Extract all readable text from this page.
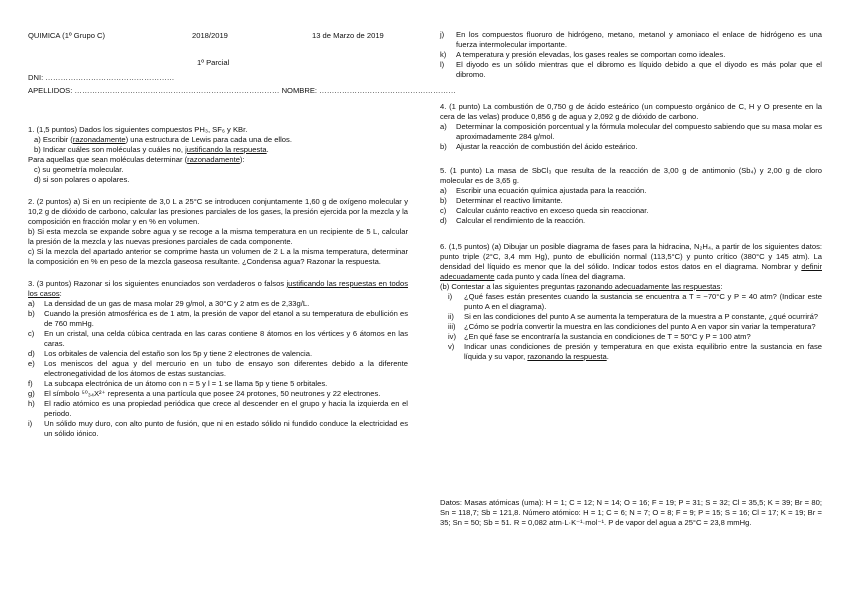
QUIMICA (1º Grupo C)	2018/2019	13 de Marzo de 2019
1º Parcial
DNI: ……………………………………………
APELLIDOS: ……………………………………………………………………… NOMBRE: ………………………………………………

1. (1,5 puntos) Dados los siguientes compuestos PH₃, SF₆ y KBr.

a) Escribir (razonadamente) una estructura de Lewis para cada una de ellos.

b) Indicar cuáles son moléculas y cuáles no, justificando la respuesta.

Para aquellas que sean moléculas determinar (razonadamente):

c) su geometría molecular.

d) si son polares o apolares.

2. (2 puntos) a) Si en un recipiente de 3,0 L a 25°C se introducen conjuntamente 1,60 g de oxígeno molecular y 10,2 g de dióxido de carbono, calcular las presiones parciales de los gases, la presión ejercida por la mezcla y la composición en fracción molar y en % en volumen.

b) Si esta mezcla se expande sobre agua y se recoge a la misma temperatura en un recipiente de 5 L, calcular la presión de la mezcla y las nuevas presiones parciales de cada componente.

c) Si la mezcla del apartado anterior se comprime hasta un volumen de 2 L a la misma temperatura, determinar la composición en % en peso de la mezcla gaseosa resultante. ¿Condensa agua? Razonar la respuesta.

3. (3 puntos) Razonar si los siguientes enunciados son verdaderos o falsos justificando las respuestas en todos los casos:

a) La densidad de un gas de masa molar 29 g/mol, a 30°C y 2 atm es de 2,33g/L.
b) Cuando la presión atmosférica es de 1 atm, la presión de vapor del etanol a su temperatura de ebullición es de 760 mmHg.
c) En un cristal, una celda cúbica centrada en las caras contiene 8 átomos en los vértices y 6 átomos en las caras.
d) Los orbitales de valencia del estaño son los 5p y tiene 2 electrones de valencia.
e) Los meniscos del agua y del mercurio en un tubo de ensayo son diferentes debido a la diferente electronegatividad de los átomos de estas sustancias.
f) La subcapa electrónica de un átomo con n = 5 y l = 1 se llama 5p y tiene 5 orbitales.
g) El símbolo ⁵⁰₃₄X²⁺ representa a una partícula que posee 24 protones, 50 neutrones y 22 electrones.
h) El radio atómico es una propiedad periódica que crece al descender en el grupo y hacia la izquierda en el periodo.
i) Un sólido muy duro, con alto punto de fusión, que ni en estado sólido ni fundido conduce la electricidad es un sólido iónico.
j) En los compuestos fluoruro de hidrógeno, metano, metanol y amoniaco el enlace de hidrógeno es una fuerza intermolecular importante.
k) A temperatura y presión elevadas, los gases reales se comportan como ideales.
l) El diyodo es un sólido mientras que el dibromo es líquido debido a que el diyodo es más polar que el dibromo.

4. (1 punto) La combustión de 0,750 g de ácido esteárico (un compuesto orgánico de C, H y O presente en la cera de las velas) produce 0,856 g de agua y 2,092 g de dióxido de carbono.

a) Determinar la composición porcentual y la fórmula molecular del compuesto sabiendo que su masa molar es aproximadamente 284 g/mol.
b) Ajustar la reacción de combustión del ácido esteárico.

5. (1 punto) La masa de SbCl₃ que resulta de la reacción de 3,00 g de antimonio (Sb₄) y 2,00 g de cloro molecular es de 3,65 g.

a) Escribir una ecuación química ajustada para la reacción.
b) Determinar el reactivo limitante.
c) Calcular cuánto reactivo en exceso queda sin reaccionar.
d) Calcular el rendimiento de la reacción.

6. (1,5 puntos) (a) Dibujar un posible diagrama de fases para la hidracina, N₂H₄, a partir de los siguientes datos: punto triple (2°C, 3,4 mm Hg), punto de ebullición normal (113,5°C) y punto crítico (380°C y 145 atm). La densidad del líquido es menor que la del sólido. Indicar todos estos datos en el diagrama. Nombrar y definir adecuadamente cada punto y cada línea del diagrama.

(b) Contestar a las siguientes preguntas razonando adecuadamente las respuestas:

i) ¿Qué fases están presentes cuando la sustancia se encuentra a T = −70°C y P = 40 atm? (Indicar este punto A en el diagrama).
ii) Si en las condiciones del punto A se aumenta la temperatura de la muestra a P constante, ¿qué ocurrirá?
iii) ¿Cómo se podría convertir la muestra en las condiciones del punto A en vapor sin variar la temperatura?
iv) ¿En qué fase se encontraría la sustancia en condiciones de T = 50°C y P = 100 atm?
v) Indicar unas condiciones de presión y temperatura en que exista equilibrio entre la sustancia en fase líquida y su vapor, razonando la respuesta.

Datos: Masas atómicas (uma): H = 1; C = 12; N = 14; O = 16; F = 19; P = 31; S = 32; Cl = 35,5; K = 39; Br = 80; Sn = 118,7; Sb = 121,8. Número atómico: H = 1; C = 6; N = 7; O = 8; F = 9; P = 15; S = 16; Cl = 17; K = 19; Br = 35; Sn = 50; Sb = 51. R = 0,082 atm·L·K⁻¹·mol⁻¹. P de vapor del agua a 25°C = 23,8 mmHg.
